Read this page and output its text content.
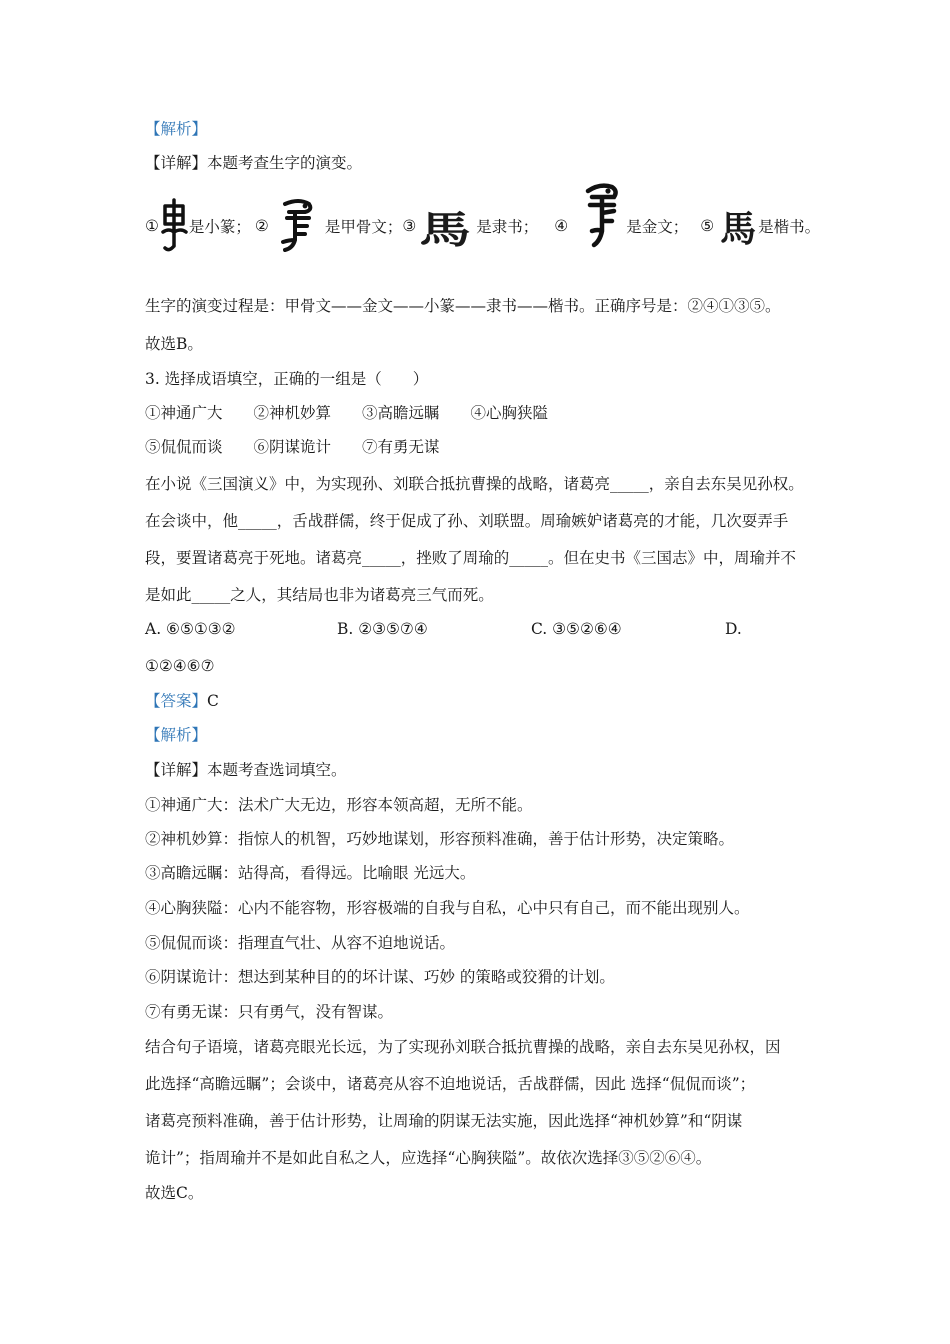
【解析】
【详解】本题考查生字的演变。
① 是小篆； ②	是甲骨文； ③ 馬 是隶书； ④	是金文； ⑤ 馬 是楷书。
生字的演变过程是：甲骨文——金文——小篆——隶书——楷书。正确序号是：②④①③⑤。
故选B。
3. 选择成语填空，正确的一组是（　　）
①神通广大　　②神机妙算　　③高瞻远瞩　　④心胸狭隘
⑤侃侃而谈　　⑥阴谋诡计　　⑦有勇无谋
在小说《三国演义》中，为实现孙、刘联合抵抗曹操的战略，诸葛亮_____，亲自去东吴见孙权。
在会谈中，他_____，舌战群儒，终于促成了孙、刘联盟。周瑜嫉妒诸葛亮的才能，几次耍弄手
段，要置诸葛亮于死地。诸葛亮_____，挫败了周瑜的_____。但在史书《三国志》中，周瑜并不
是如此_____之人，其结局也非为诸葛亮三气而死。
A. ⑥⑤①③②	B. ②③⑤⑦④	C. ③⑤②⑥④	D.
①②④⑥⑦
【答案】C
【解析】
【详解】本题考查选词填空。
①神通广大：法术广大无边，形容本领高超，无所不能。
②神机妙算：指惊人的机智，巧妙地谋划，形容预料准确，善于估计形势，决定策略。
③高瞻远瞩：站得高，看得远。比喻眼 光远大。
④心胸狭隘：心内不能容物，形容极端的自我与自私，心中只有自己，而不能出现别人。
⑤侃侃而谈：指理直气壮、从容不迫地说话。
⑥阴谋诡计：想达到某种目的的坏计谋、巧妙 的策略或狡猾的计划。
⑦有勇无谋：只有勇气，没有智谋。
结合句子语境，诸葛亮眼光长远，为了实现孙刘联合抵抗曹操的战略，亲自去东吴见孙权，因
此选择“高瞻远瞩”；会谈中，诸葛亮从容不迫地说话，舌战群儒，因此 选择“侃侃而谈”；
诸葛亮预料准确，善于估计形势，让周瑜的阴谋无法实施，因此选择“神机妙算”和“阴谋
诡计”；指周瑜并不是如此自私之人，应选择“心胸狭隘”。故依次选择③⑤②⑥④。
故选C。
